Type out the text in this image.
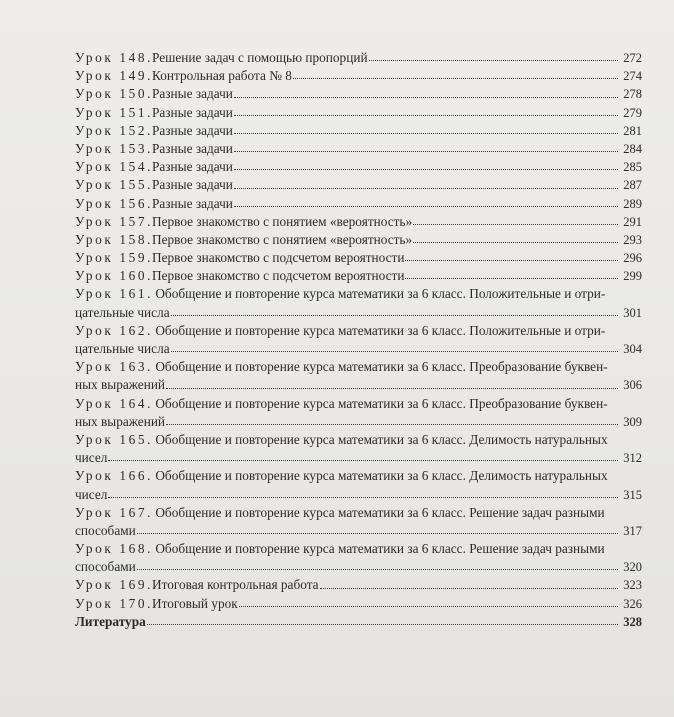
Урок 148. Решение задач с помощью пропорций	272
Урок 149. Контрольная работа № 8	274
Урок 150. Разные задачи	278
Урок 151. Разные задачи	279
Урок 152. Разные задачи	281
Урок 153. Разные задачи	284
Урок 154. Разные задачи	285
Урок 155. Разные задачи	287
Урок 156. Разные задачи	289
Урок 157. Первое знакомство с понятием «вероятность»	291
Урок 158. Первое знакомство с понятием «вероятность»	293
Урок 159. Первое знакомство с подсчетом вероятности	296
Урок 160. Первое знакомство с подсчетом вероятности	299
Урок 161. Обобщение и повторение курса математики за 6 класс. Положительные и отри-
цательные числа	301
Урок 162. Обобщение и повторение курса математики за 6 класс. Положительные и отри-
цательные числа	304
Урок 163. Обобщение и повторение курса математики за 6 класс. Преобразование буквен-
ных выражений	306
Урок 164. Обобщение и повторение курса математики за 6 класс. Преобразование буквен-
ных выражений	309
Урок 165. Обобщение и повторение курса математики за 6 класс. Делимость натуральных
чисел	312
Урок 166. Обобщение и повторение курса математики за 6 класс. Делимость натуральных
чисел	315
Урок 167. Обобщение и повторение курса математики за 6 класс. Решение задач разными
способами	317
Урок 168. Обобщение и повторение курса математики за 6 класс. Решение задач разными
способами	320
Урок 169. Итоговая контрольная работа	323
Урок 170. Итоговый урок	326
Литература	328
